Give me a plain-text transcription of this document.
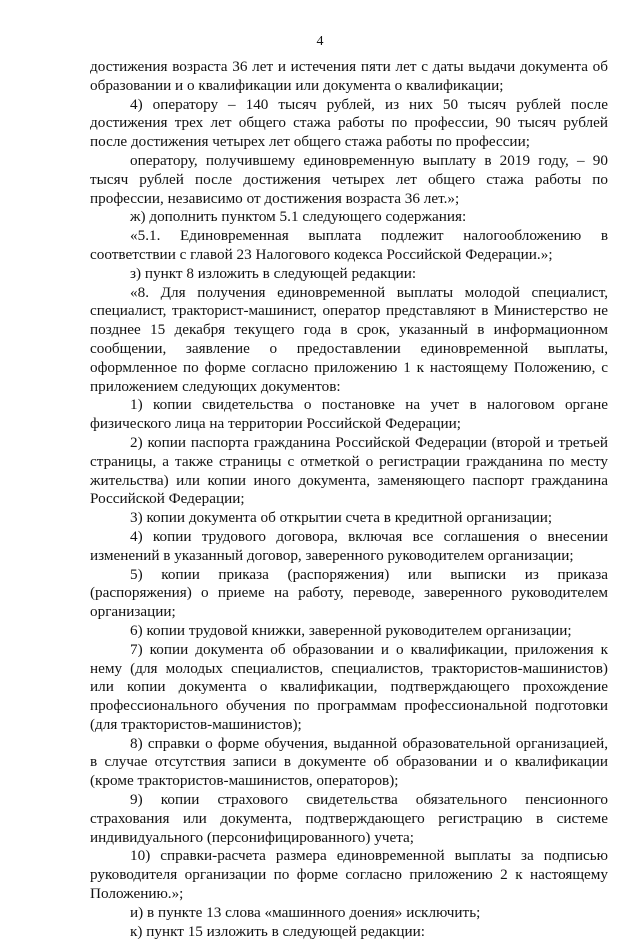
4

достижения возраста 36 лет и истечения пяти лет с даты выдачи документа об образовании и о квалификации или документа о квалификации;

4) оператору – 140 тысяч рублей, из них 50 тысяч рублей после достижения трех лет общего стажа работы по профессии, 90 тысяч рублей после достижения четырех лет общего стажа работы по профессии;

оператору, получившему единовременную выплату в 2019 году, – 90 тысяч рублей после достижения четырех лет общего стажа работы по профессии, независимо от достижения возраста 36 лет.»;

ж) дополнить пунктом 5.1 следующего содержания:

«5.1. Единовременная выплата подлежит налогообложению в соответствии с главой 23 Налогового кодекса Российской Федерации.»;

з) пункт 8 изложить в следующей редакции:

«8. Для получения единовременной выплаты молодой специалист, специалист, тракторист-машинист, оператор представляют в Министерство не позднее 15 декабря текущего года в срок, указанный в информационном сообщении, заявление о предоставлении единовременной выплаты, оформленное по форме согласно приложению 1 к настоящему Положению, с приложением следующих документов:

1) копии свидетельства о постановке на учет в налоговом органе физического лица на территории Российской Федерации;

2) копии паспорта гражданина Российской Федерации (второй и третьей страницы, а также страницы с отметкой о регистрации гражданина по месту жительства) или копии иного документа, заменяющего паспорт гражданина Российской Федерации;

3) копии документа об открытии счета в кредитной организации;

4) копии трудового договора, включая все соглашения о внесении изменений в указанный договор, заверенного руководителем организации;

5) копии приказа (распоряжения) или выписки из приказа (распоряжения) о приеме на работу, переводе, заверенного руководителем организации;

6) копии трудовой книжки, заверенной руководителем организации;

7) копии документа об образовании и о квалификации, приложения к нему (для молодых специалистов, специалистов, трактористов-машинистов) или копии документа о квалификации, подтверждающего прохождение профессионального обучения по программам профессиональной подготовки (для трактористов-машинистов);

8) справки о форме обучения, выданной образовательной организацией, в случае отсутствия записи в документе об образовании и о квалификации (кроме трактористов-машинистов, операторов);

9) копии страхового свидетельства обязательного пенсионного страхования или документа, подтверждающего регистрацию в системе индивидуального (персонифицированного) учета;

10) справки-расчета размера единовременной выплаты за подписью руководителя организации по форме согласно приложению 2 к настоящему Положению.»;

и) в пункте 13 слова «машинного доения» исключить;

к) пункт 15 изложить в следующей редакции:
